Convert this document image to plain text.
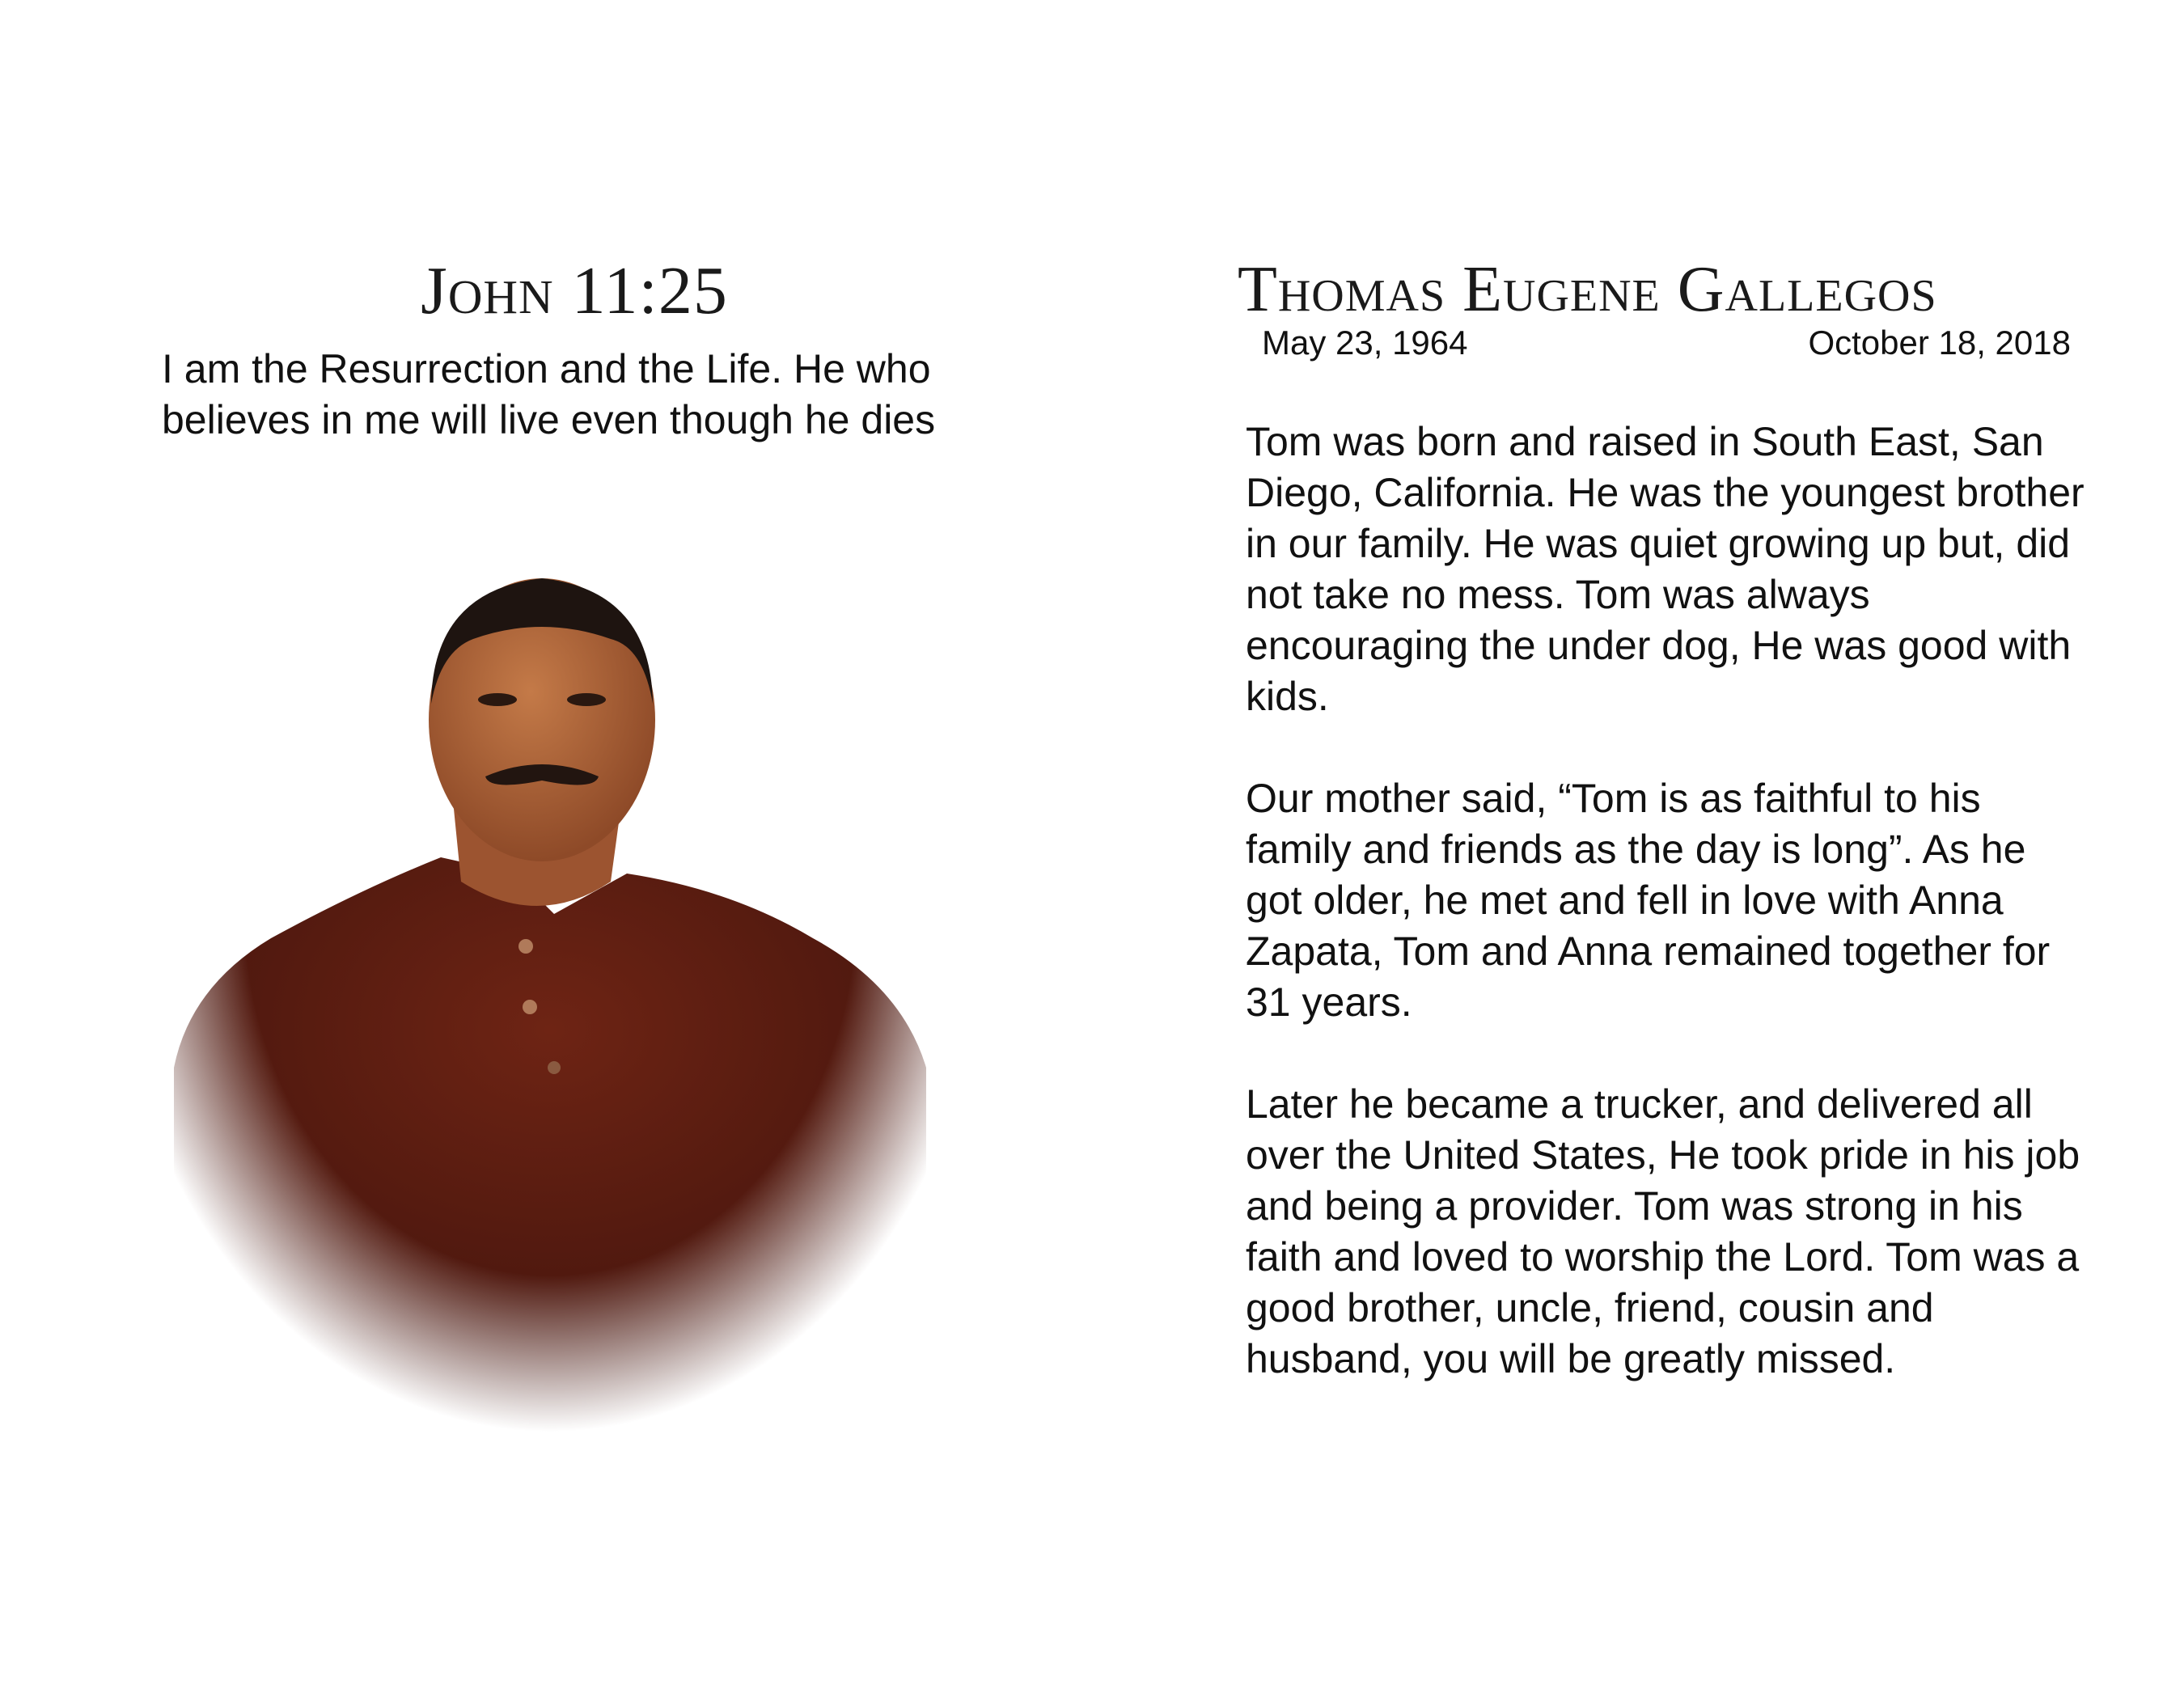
John 11:25
I am the Resurrection and the Life. He who believes in me will live even though he dies
Thomas Eugene Gallegos
May 23, 1964	October 18, 2018

Tom was born and raised in South East, San Diego, California. He was the youngest brother in our family. He was quiet growing up but, did not take no mess. Tom was always encouraging the under dog, He was good with kids.

Our mother said, “Tom is as faithful to his family and friends as the day is long”. As he got older, he met and fell in love with Anna Zapata, Tom and Anna remained together for 31 years.

Later he became a trucker, and delivered all over the United States, He took pride in his job and being a provider. Tom was strong in his faith and loved to worship the Lord. Tom was a good brother, uncle, friend, cousin and husband, you will be greatly missed.
